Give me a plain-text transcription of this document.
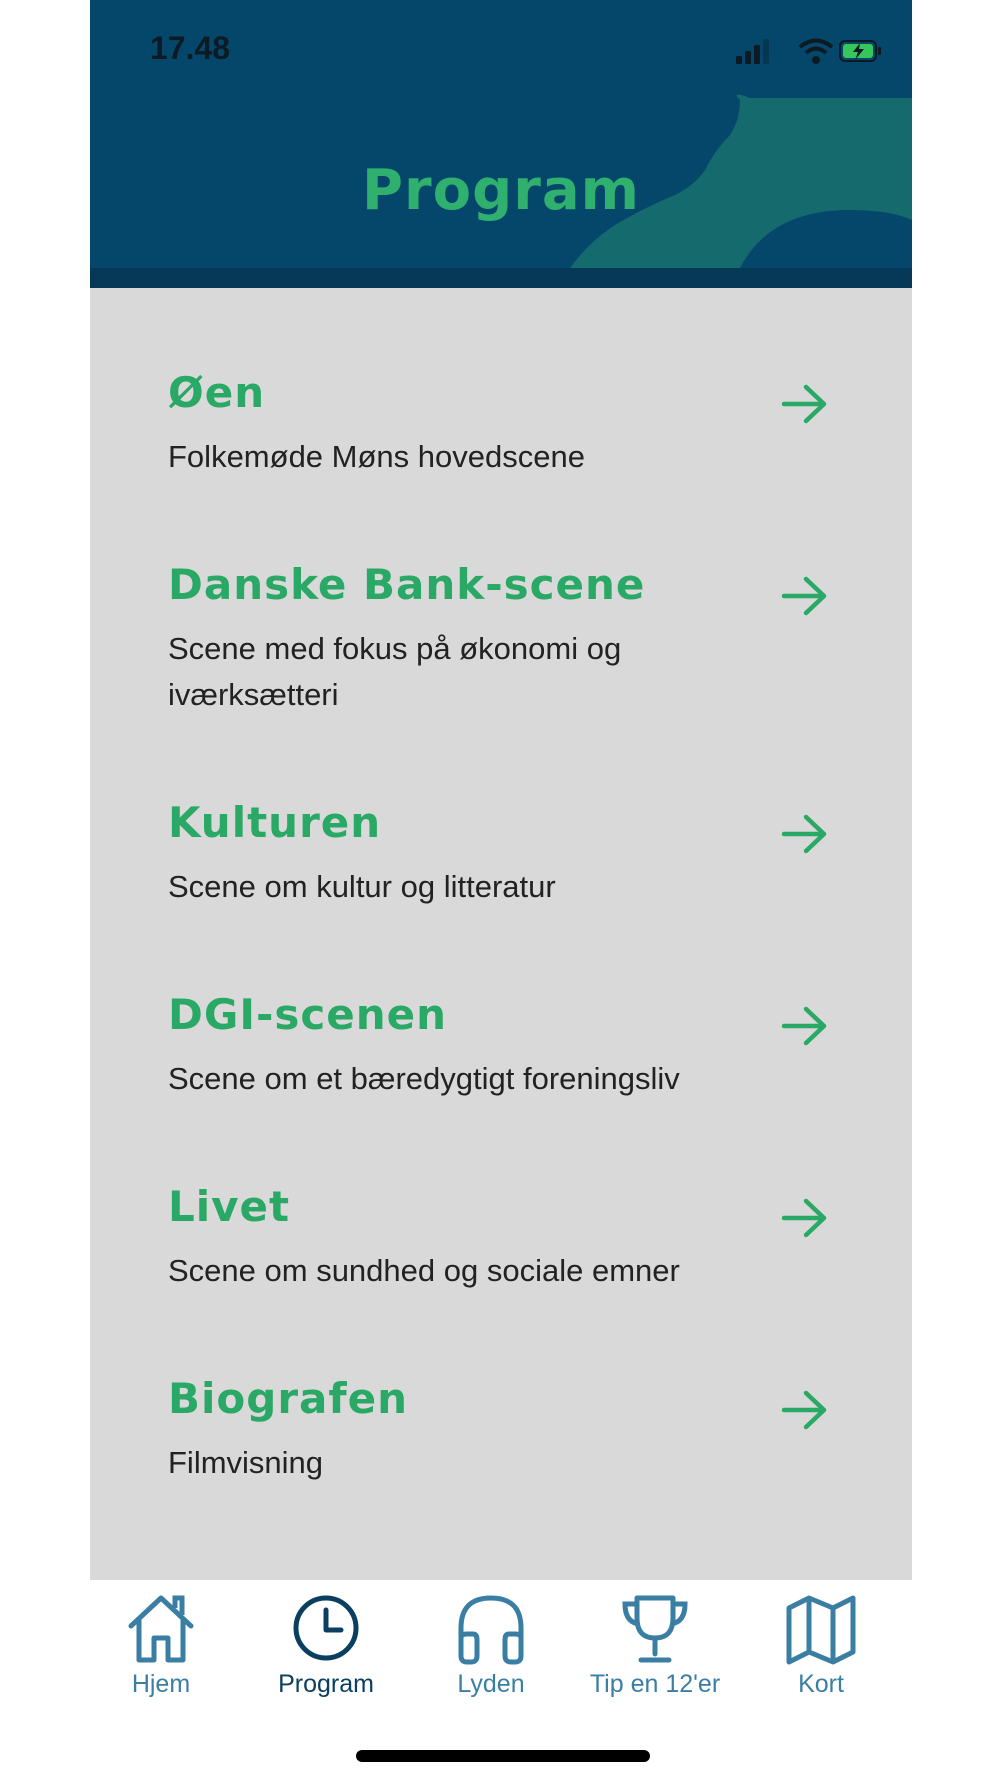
17.48
Program
Øen
Folkemøde Møns hovedscene
Danske Bank-scene
Scene med fokus på økonomi og iværksætteri
Kulturen
Scene om kultur og litteratur
DGI-scenen
Scene om et bæredygtigt foreningsliv
Livet
Scene om sundhed og sociale emner
Biografen
Filmvisning
Hjem	Program	Lyden	Tip en 12'er	Kort
